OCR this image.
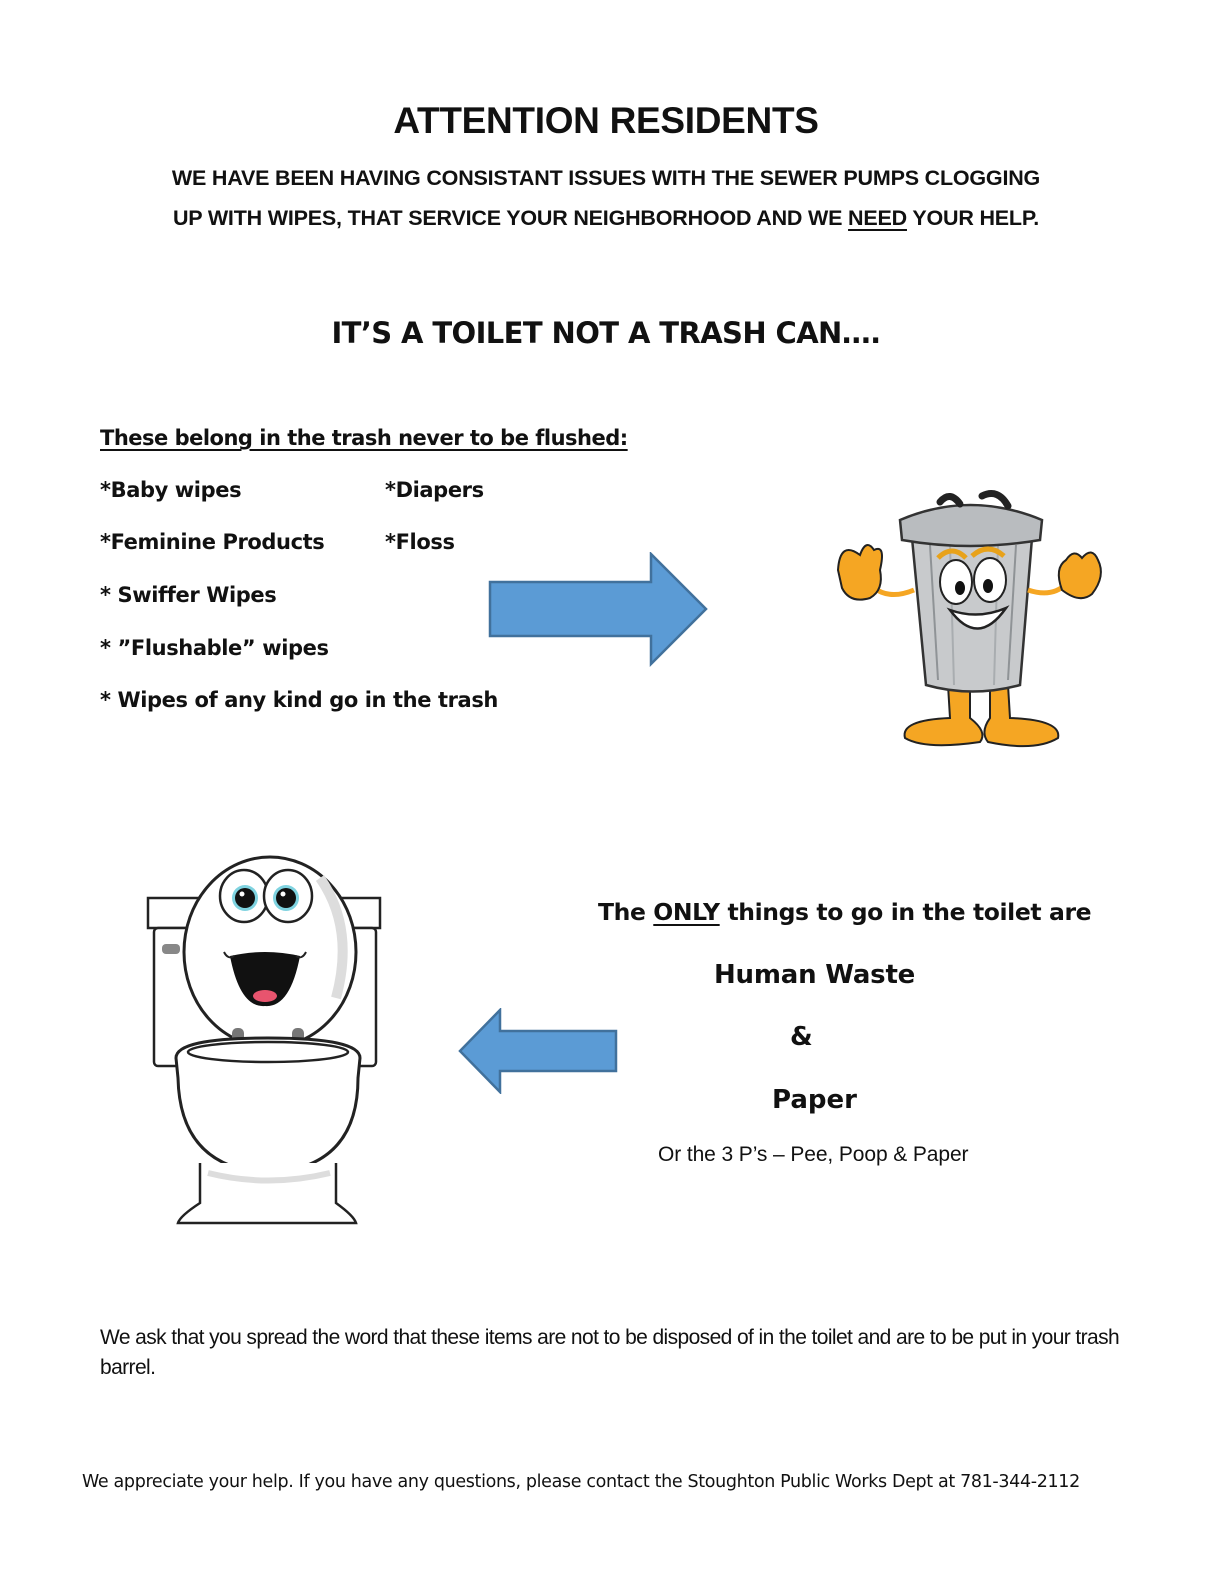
ATTENTION RESIDENTS
WE HAVE BEEN HAVING CONSISTANT ISSUES WITH THE SEWER PUMPS CLOGGING
UP WITH WIPES, THAT SERVICE YOUR NEIGHBORHOOD AND WE NEED YOUR HELP.
IT’S A TOILET NOT A TRASH CAN….
These belong in the trash never to be flushed:
*Baby wipes	*Diapers
*Feminine Products	*Floss
* Swiffer Wipes
* ”Flushable” wipes
* Wipes of any kind go in the trash
The ONLY things to go in the toilet are
Human Waste
&
Paper
Or the 3 P’s – Pee, Poop & Paper
We ask that you spread the word that these items are not to be disposed of in the toilet and are to be put in your trash barrel.
We appreciate your help. If you have any questions, please contact the Stoughton Public Works Dept at 781-344-2112
